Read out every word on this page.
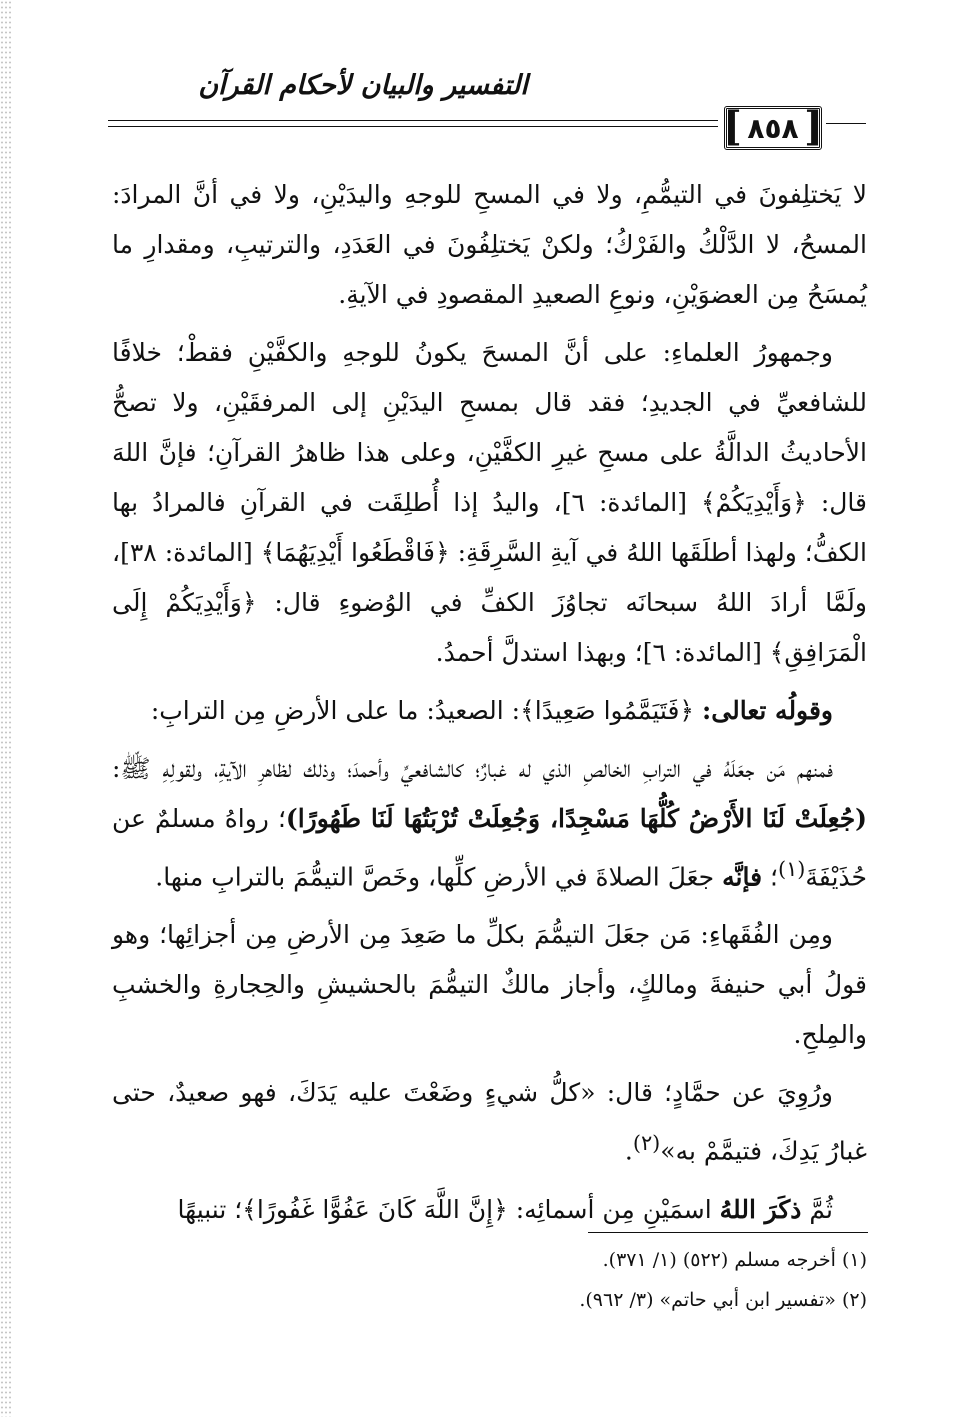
التفسير والبيان لأحكام القرآن
[ ٨٥٨
]

لا يَختلِفونَ في التيمُّمِ، ولا في المسحِ للوجهِ واليدَيْنِ، ولا في أنَّ المرادَ: المسحُ، لا الدَّلْكُ والفَرْكُ؛ ولكنْ يَختلِفُونَ في العَدَدِ، والترتيبِ، ومقدارِ ما يُمسَحُ مِن العضوَيْنِ، ونوعِ الصعيدِ المقصودِ في الآيةِ.

وجمهورُ العلماءِ: على أنَّ المسحَ يكونُ للوجهِ والكفَّيْنِ فقطْ؛ خلافًا للشافعيِّ في الجديدِ؛ فقد قال بمسحِ اليدَيْنِ إلى المرفقَيْنِ، ولا تصحُّ الأحاديثُ الدالَّةُ على مسحِ غيرِ الكفَّيْنِ، وعلى هذا ظاهرُ القرآنِ؛ فإنَّ اللهَ قال: ﴿وَأَيْدِيَكُمْ﴾ [المائدة: ٦]، واليدُ إذا أُطلِقَت في القرآنِ فالمرادُ بها الكفُّ؛ ولهذا أطلَقَها اللهُ في آيةِ السَّرِقَةِ: ﴿فَاقْطَعُوا أَيْدِيَهُمَا﴾ [المائدة: ٣٨]، ولَمَّا أرادَ اللهُ سبحانَه تجاوُزَ الكفِّ في الوُضوءِ قال: ﴿وَأَيْدِيَكُمْ إِلَى الْمَرَافِقِ﴾ [المائدة: ٦]؛ وبهذا استدلَّ أحمدُ.

وقولُه تعالى: ﴿فَتَيَمَّمُوا صَعِيدًا﴾: الصعيدُ: ما على الأرضِ مِن الترابِ:

فمنهم مَن جعَلَهُ في الترابِ الخالصِ الذي له غبارٌ؛ كالشافعيِّ وأحمدَ؛ وذلك لظاهرِ الآيةِ، ولقولِهِ ﷺ: (جُعِلَتْ لَنَا الأَرْضُ كُلُّهَا مَسْجِدًا، وَجُعِلَتْ تُرْبَتُهَا لَنَا طَهُورًا)؛ رواهُ مسلمٌ عن حُذَيْفَةَ$^{(١)}$؛ فإنَّه جعَلَ الصلاةَ في الأرضِ كلِّها، وخَصَّ التيمُّمَ بالترابِ منها.

ومِن الفُقَهاءِ: مَن جعَلَ التيمُّمَ بكلِّ ما صَعِدَ مِن الأرضِ مِن أجزائِها؛ وهو قولُ أبي حنيفةَ ومالكٍ، وأجاز مالكٌ التيمُّمَ بالحشيشِ والحِجارةِ والخشبِ والمِلحِ.

ورُوِيَ عن حمَّادٍ؛ قال: «كلُّ شيءٍ وضَعْتَ عليه يَدَكَ، فهو صعيدٌ، حتى غبارُ يَدِكَ، فتيمَّمْ به»$^{(٢)}$.

ثُمَّ ذكَرَ اللهُ اسمَيْنِ مِن أسمائِه: ﴿إِنَّ اللَّهَ كَانَ عَفُوًّا غَفُورًا﴾؛ تنبيهًا

(١) أخرجه مسلم (٥٢٢) (١/ ٣٧١).
(٢) «تفسير ابن أبي حاتم» (٣/ ٩٦٢).
